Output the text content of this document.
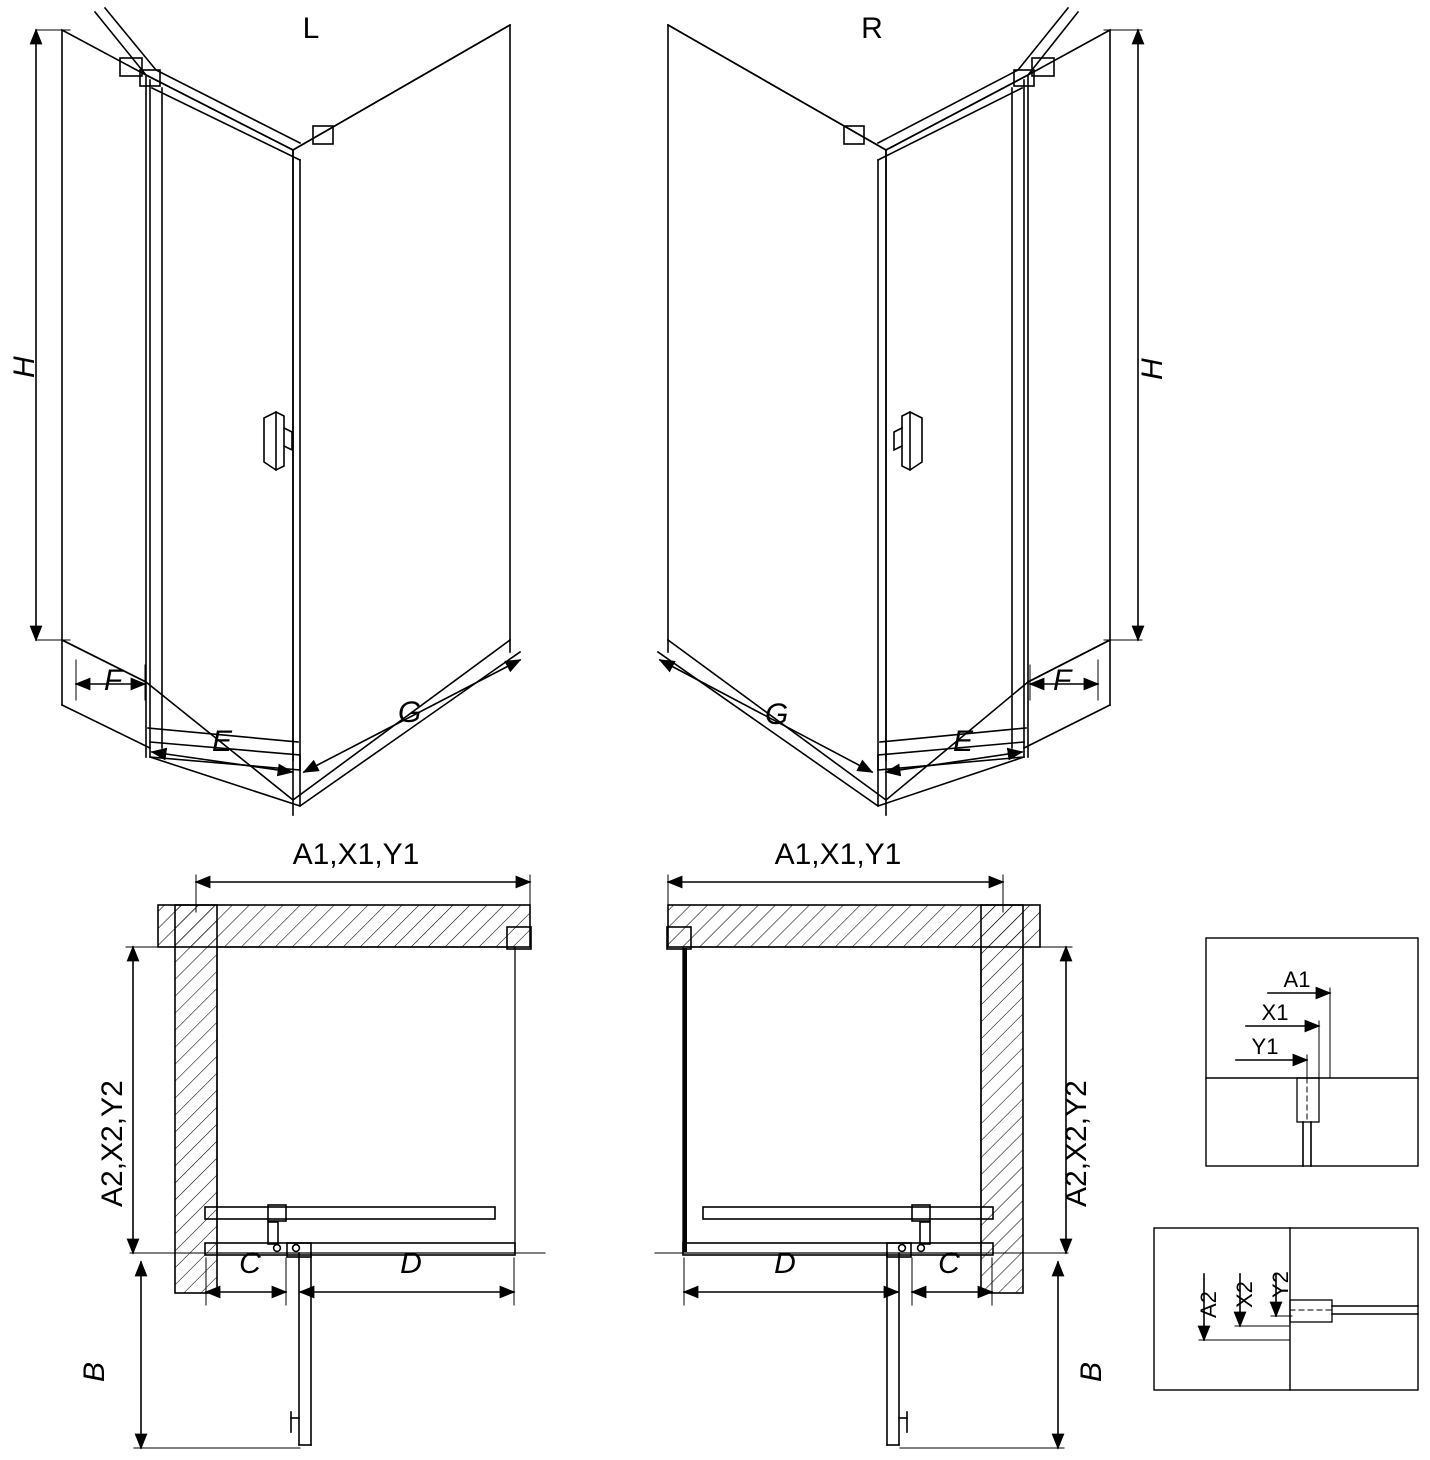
L	R
H
F
E
G
H
F
E
G
A1,X1,Y1
A2,X2,Y2
C	D
B
A1,X1,Y1
A2,X2,Y2
C
D
B
A1
X1
Y1
A2 X2 Y2
